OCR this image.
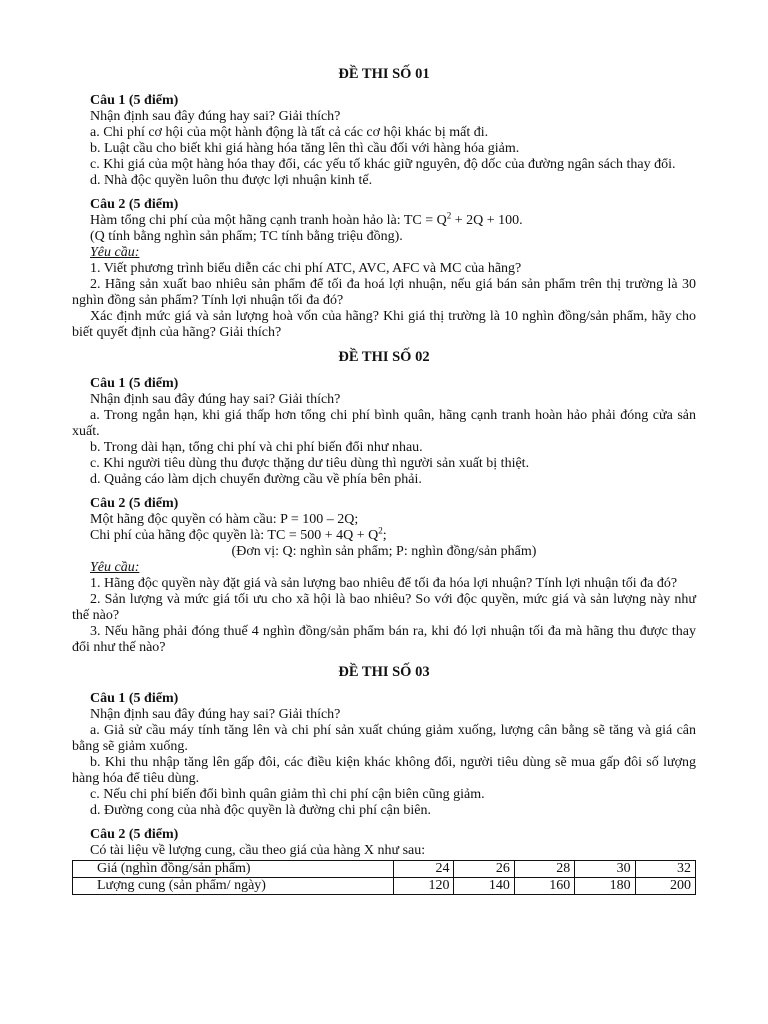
ĐỀ THI SỐ 01

Câu 1 (5 điểm)

Nhận định sau đây đúng hay sai? Giải thích?

a. Chi phí cơ hội của một hành động là tất cả các cơ hội khác bị mất đi.

b. Luật cầu cho biết khi giá hàng hóa tăng lên thì cầu đối với hàng hóa giảm.

c. Khi giá của một hàng hóa thay đổi, các yếu tố khác giữ nguyên, độ dốc của đường ngân sách thay đổi.

d. Nhà độc quyền luôn thu được lợi nhuận kinh tế.

Câu 2 (5 điểm)

Hàm tổng chi phí của một hãng cạnh tranh hoàn hảo là: TC = $Q^2 + 2Q + 100$.

(Q tính bằng nghìn sản phẩm; TC tính bằng triệu đồng).

Yêu cầu:

1. Viết phương trình biểu diễn các chi phí ATC, AVC, AFC và MC của hãng?

2. Hãng sản xuất bao nhiêu sản phẩm để tối đa hoá lợi nhuận, nếu giá bán sản phẩm trên thị trường là 30 nghìn đồng sản phẩm? Tính lợi nhuận tối đa đó?

Xác định mức giá và sản lượng hoà vốn của hãng? Khi giá thị trường là 10 nghìn đồng/sản phẩm, hãy cho biết quyết định của hãng? Giải thích?

ĐỀ THI SỐ 02

Câu 1 (5 điểm)

Nhận định sau đây đúng hay sai? Giải thích?

a. Trong ngắn hạn, khi giá thấp hơn tổng chi phí bình quân, hãng cạnh tranh hoàn hảo phải đóng cửa sản xuất.

b. Trong dài hạn, tổng chi phí và chi phí biến đổi như nhau.

c. Khi người tiêu dùng thu được thặng dư tiêu dùng thì người sản xuất bị thiệt.

d. Quảng cáo làm dịch chuyển đường cầu về phía bên phải.

Câu 2 (5 điểm)

Một hãng độc quyền có hàm cầu: P = 100 – 2Q;

Chi phí của hãng độc quyền là: TC = $500 + 4Q + Q^2$;

(Đơn vị: Q: nghìn sản phẩm; P: nghìn đồng/sản phẩm)

Yêu cầu:

1. Hãng độc quyền này đặt giá và sản lượng bao nhiêu để tối đa hóa lợi nhuận? Tính lợi nhuận tối đa đó?

2. Sản lượng và mức giá tối ưu cho xã hội là bao nhiêu? So với độc quyền, mức giá và sản lượng này như thế nào?

3. Nếu hãng phải đóng thuế 4 nghìn đồng/sản phẩm bán ra, khi đó lợi nhuận tối đa mà hãng thu được thay đổi như thế nào?

ĐỀ THI SỐ 03

Câu 1 (5 điểm)

Nhận định sau đây đúng hay sai? Giải thích?

a. Giả sử cầu máy tính tăng lên và chi phí sản xuất chúng giảm xuống, lượng cân bằng sẽ tăng và giá cân bằng sẽ giảm xuống.

b. Khi thu nhập tăng lên gấp đôi, các điều kiện khác không đổi, người tiêu dùng sẽ mua gấp đôi số lượng hàng hóa để tiêu dùng.

c. Nếu chi phí biến đổi bình quân giảm thì chi phí cận biên cũng giảm.

d. Đường cong của nhà độc quyền là đường chi phí cận biên.

Câu 2 (5 điểm)

Có tài liệu về lượng cung, cầu theo giá của hàng X như sau:

Giá (nghìn đồng/sản phẩm)	24	26	28	30	32
Lượng cung (sản phẩm/ ngày)	120	140	160	180	200
